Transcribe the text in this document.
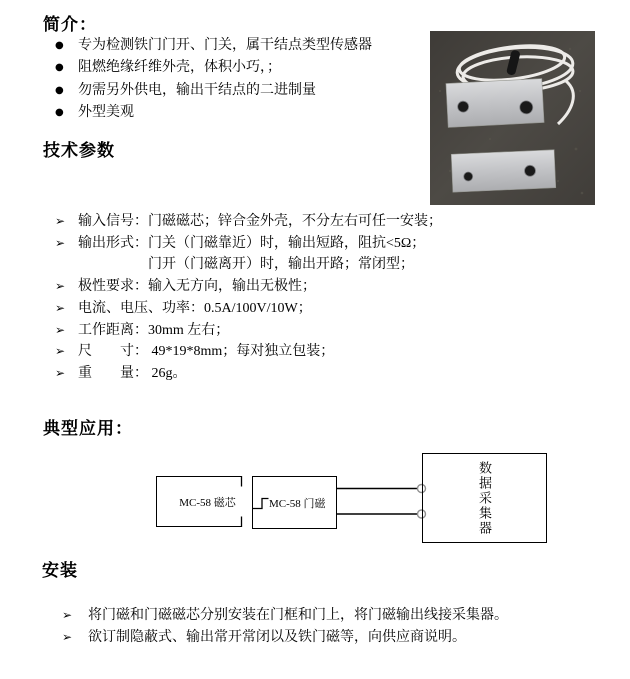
简介：
● 专为检测铁门门开、门关，属干结点类型传感器
● 阻燃绝缘纤维外壳，体积小巧，；
● 勿需另外供电，输出干结点的二进制量
● 外型美观
技术参数
➢ 输入信号：门磁磁芯；锌合金外壳，不分左右可任一安装；
➢ 输出形式：门关（门磁靠近）时，输出短路，阻抗<5Ω；
门开（门磁离开）时，输出开路；常闭型；
➢ 极性要求：输入无方向，输出无极性；
➢ 电流、电压、功率：0.5A/100V/10W；
➢ 工作距离：30mm 左右；
➢ 尺　　寸： 49*19*8mm；每对独立包装；
➢ 重　　量： 26g。
典型应用：
MC-58 磁芯	MC-58 门磁	数据采集器
安装
➢ 将门磁和门磁磁芯分别安装在门框和门上，将门磁输出线接采集器。
➢ 欲订制隐蔽式、输出常开常闭以及铁门磁等，向供应商说明。
